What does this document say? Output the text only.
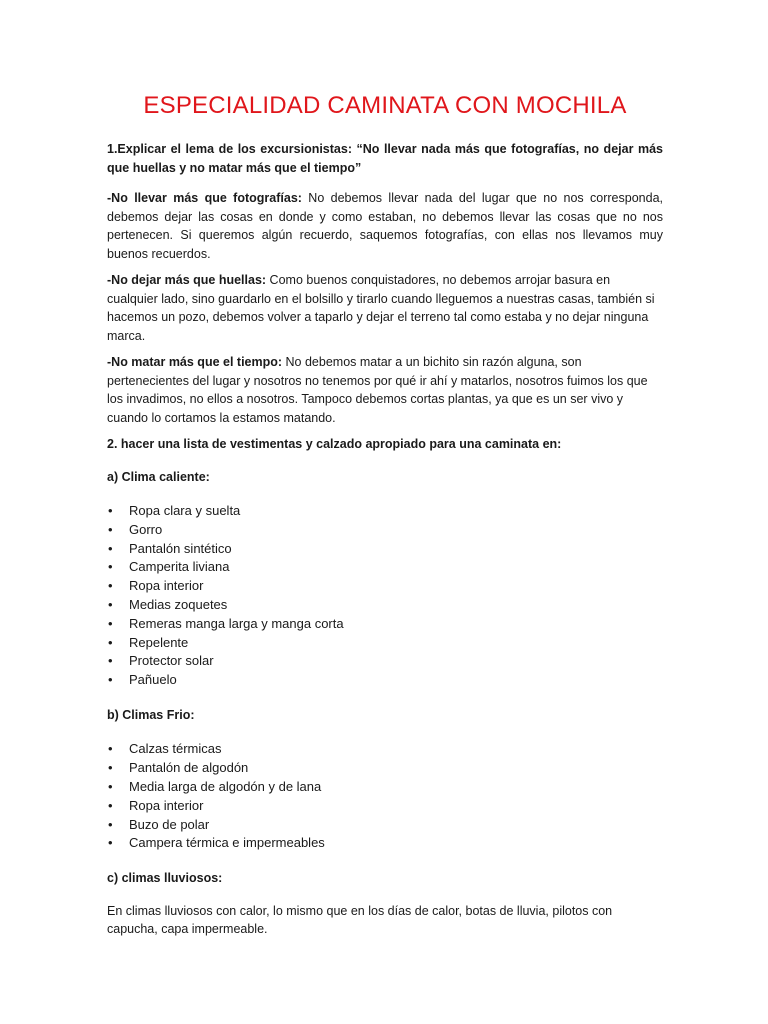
ESPECIALIDAD CAMINATA CON MOCHILA

1.Explicar el lema de los excursionistas: “No llevar nada más que fotografías, no dejar más que huellas y no matar más que el tiempo”

-No llevar más que fotografías: No debemos llevar nada del lugar que no nos corresponda, debemos dejar las cosas en donde y como estaban, no debemos llevar las cosas que no nos pertenecen. Si queremos algún recuerdo, saquemos fotografías, con ellas nos llevamos muy buenos recuerdos.

-No dejar más que huellas: Como buenos conquistadores, no debemos arrojar basura en cualquier lado, sino guardarlo en el bolsillo y tirarlo cuando lleguemos a nuestras casas, también si hacemos un pozo, debemos volver a taparlo y dejar el terreno tal como estaba y no dejar ninguna marca.

-No matar más que el tiempo: No debemos matar a un bichito sin razón alguna, son pertenecientes del lugar y nosotros no tenemos por qué ir ahí y matarlos, nosotros fuimos los que los invadimos, no ellos a nosotros. Tampoco debemos cortas plantas, ya que es un ser vivo y cuando lo cortamos la estamos matando.

2. hacer una lista de vestimentas y calzado apropiado para una caminata en:

a) Clima caliente:

• Ropa clara y suelta
• Gorro
• Pantalón sintético
• Camperita liviana
• Ropa interior
• Medias zoquetes
• Remeras manga larga y manga corta
• Repelente
• Protector solar
• Pañuelo

b) Climas Frio:

• Calzas térmicas
• Pantalón de algodón
• Media larga de algodón y de lana
• Ropa interior
• Buzo de polar
• Campera térmica e impermeables

c) climas lluviosos:

En climas lluviosos con calor, lo mismo que en los días de calor, botas de lluvia, pilotos con capucha, capa impermeable.
